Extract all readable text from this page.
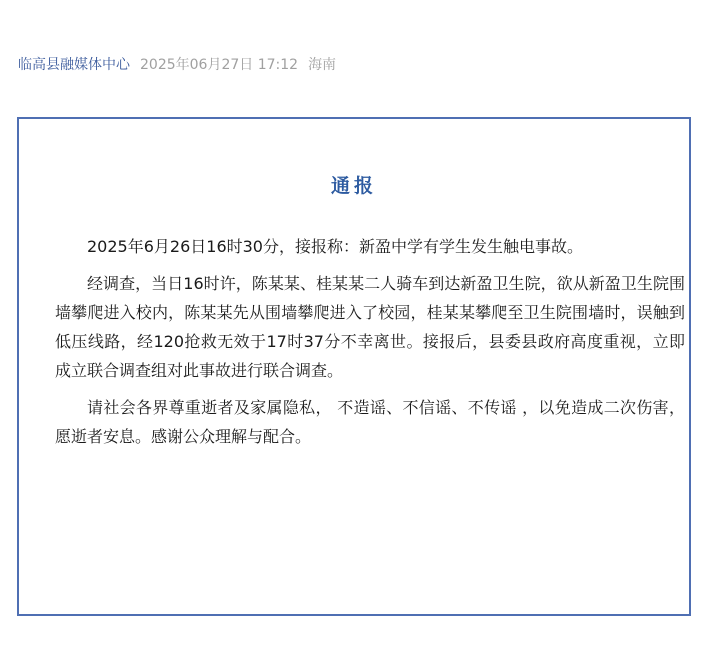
临高县融媒体中心 2025年06月27日 17:12 海南
通报

2025年6月26日16时30分，接报称：新盈中学有学生发生触电事故。

经调查，当日16时许，陈某某、桂某某二人骑车到达新盈卫生院，欲从新盈卫生院围墙攀爬进入校内，陈某某先从围墙攀爬进入了校园，桂某某攀爬至卫生院围墙时，误触到低压线路，经120抢救无效于17时37分不幸离世。接报后，县委县政府高度重视，立即成立联合调查组对此事故进行联合调查。

请社会各界尊重逝者及家属隐私， 不造谣、不信谣、不传谣 ，以免造成二次伤害，愿逝者安息。感谢公众理解与配合。
